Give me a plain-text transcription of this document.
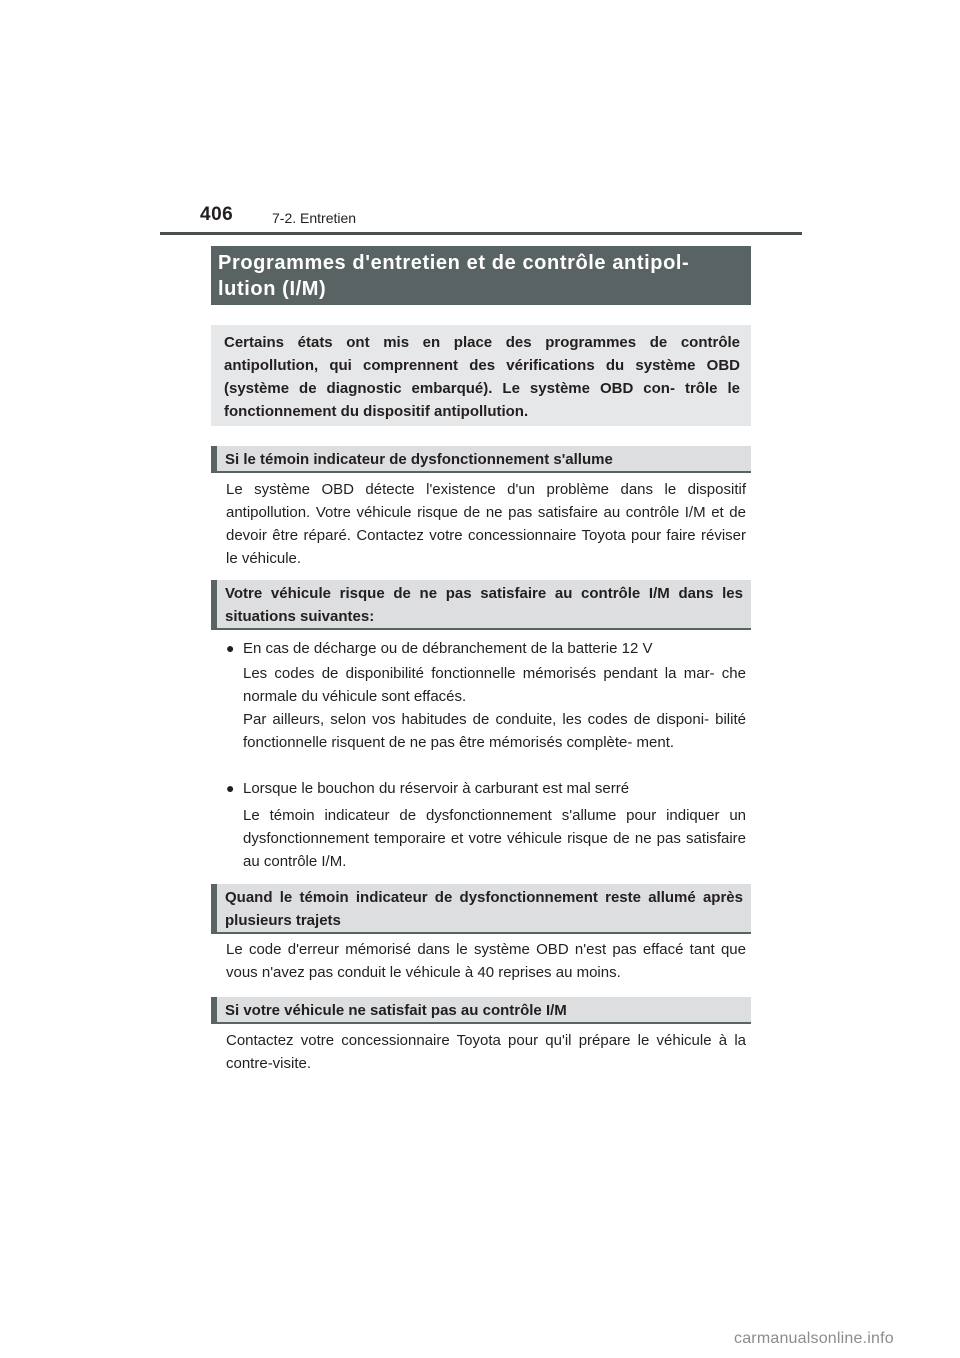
406	7-2. Entretien
Programmes d'entretien et de contrôle antipol-
lution (I/M)
Certains états ont mis en place des programmes de contrôle antipollution, qui comprennent des vérifications du système OBD (système de diagnostic embarqué). Le système OBD con- trôle le fonctionnement du dispositif antipollution.
Si le témoin indicateur de dysfonctionnement s'allume
Le système OBD détecte l'existence d'un problème dans le dispositif antipollution. Votre véhicule risque de ne pas satisfaire au contrôle I/M et de devoir être réparé. Contactez votre concessionnaire Toyota pour faire réviser le véhicule.
Votre véhicule risque de ne pas satisfaire au contrôle I/M dans les situations suivantes:
● En cas de décharge ou de débranchement de la batterie 12 V
Les codes de disponibilité fonctionnelle mémorisés pendant la mar- che normale du véhicule sont effacés.
Par ailleurs, selon vos habitudes de conduite, les codes de disponi- bilité fonctionnelle risquent de ne pas être mémorisés complète- ment.
● Lorsque le bouchon du réservoir à carburant est mal serré
Le témoin indicateur de dysfonctionnement s'allume pour indiquer un dysfonctionnement temporaire et votre véhicule risque de ne pas satisfaire au contrôle I/M.
Quand le témoin indicateur de dysfonctionnement reste allumé après plusieurs trajets
Le code d'erreur mémorisé dans le système OBD n'est pas effacé tant que vous n'avez pas conduit le véhicule à 40 reprises au moins.
Si votre véhicule ne satisfait pas au contrôle I/M
Contactez votre concessionnaire Toyota pour qu'il prépare le véhicule à la contre-visite.
carmanualsonline.info
